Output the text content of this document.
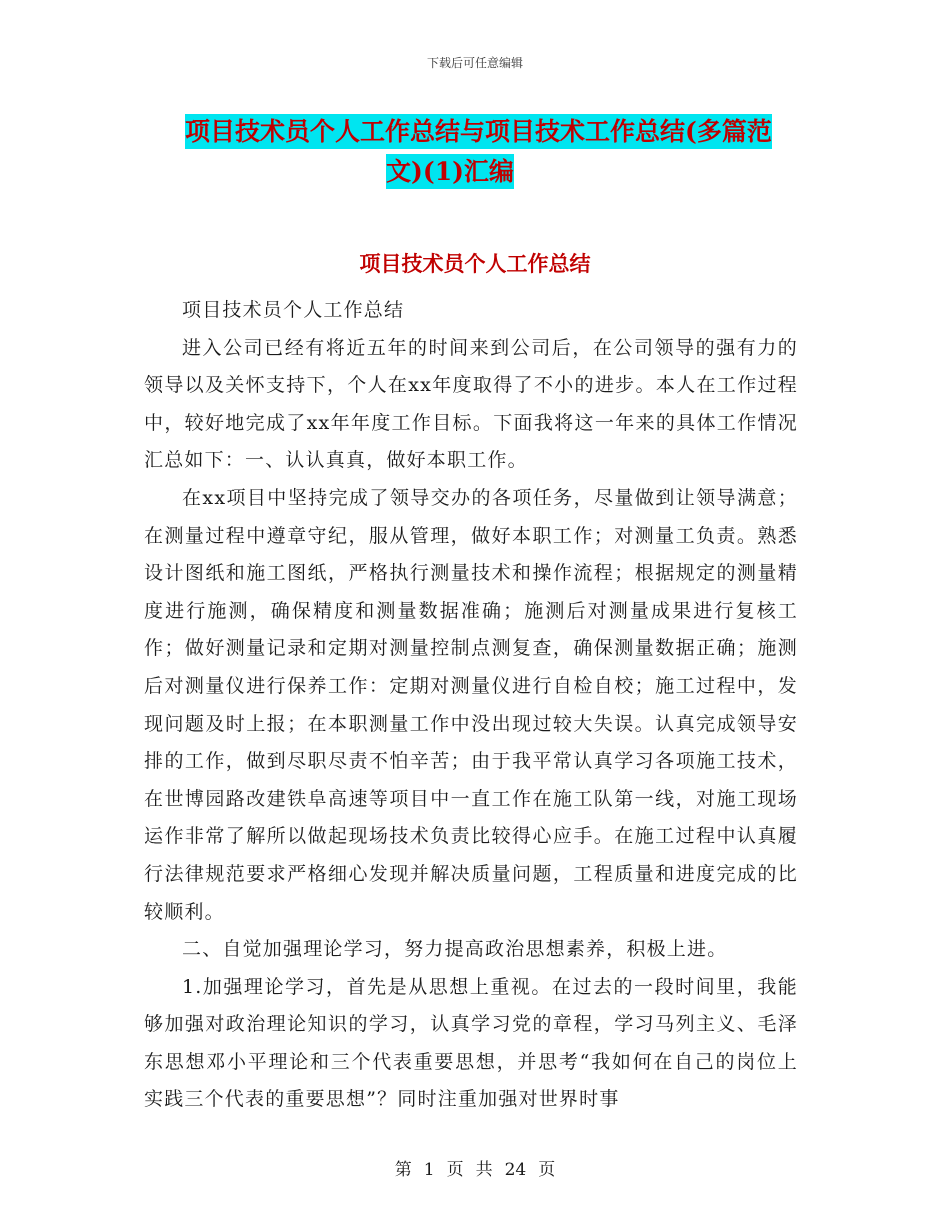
下载后可任意编辑
项目技术员个人工作总结与项目技术工作总结(多篇范
文)(1)汇编
项目技术员个人工作总结

项目技术员个人工作总结

进入公司已经有将近五年的时间来到公司后，在公司领导的强有力的领导以及关怀支持下，个人在xx年度取得了不小的进步。本人在工作过程中，较好地完成了xx年年度工作目标。下面我将这一年来的具体工作情况汇总如下：一、认认真真，做好本职工作。

在xx项目中坚持完成了领导交办的各项任务，尽量做到让领导满意；在测量过程中遵章守纪，服从管理，做好本职工作；对测量工负责。熟悉设计图纸和施工图纸，严格执行测量技术和操作流程；根据规定的测量精度进行施测，确保精度和测量数据准确；施测后对测量成果进行复核工作；做好测量记录和定期对测量控制点测复查，确保测量数据正确；施测后对测量仪进行保养工作：定期对测量仪进行自检自校；施工过程中，发现问题及时上报；在本职测量工作中没出现过较大失误。认真完成领导安排的工作，做到尽职尽责不怕辛苦；由于我平常认真学习各项施工技术，在世博园路改建铁阜高速等项目中一直工作在施工队第一线，对施工现场运作非常了解所以做起现场技术负责比较得心应手。在施工过程中认真履行法律规范要求严格细心发现并解决质量问题，工程质量和进度完成的比较顺利。

二、自觉加强理论学习，努力提高政治思想素养，积极上进。

1.加强理论学习，首先是从思想上重视。在过去的一段时间里，我能够加强对政治理论知识的学习，认真学习党的章程，学习马列主义、毛泽东思想邓小平理论和三个代表重要思想，并思考“我如何在自己的岗位上实践三个代表的重要思想”？同时注重加强对世界时事

第 1 页 共 24 页
